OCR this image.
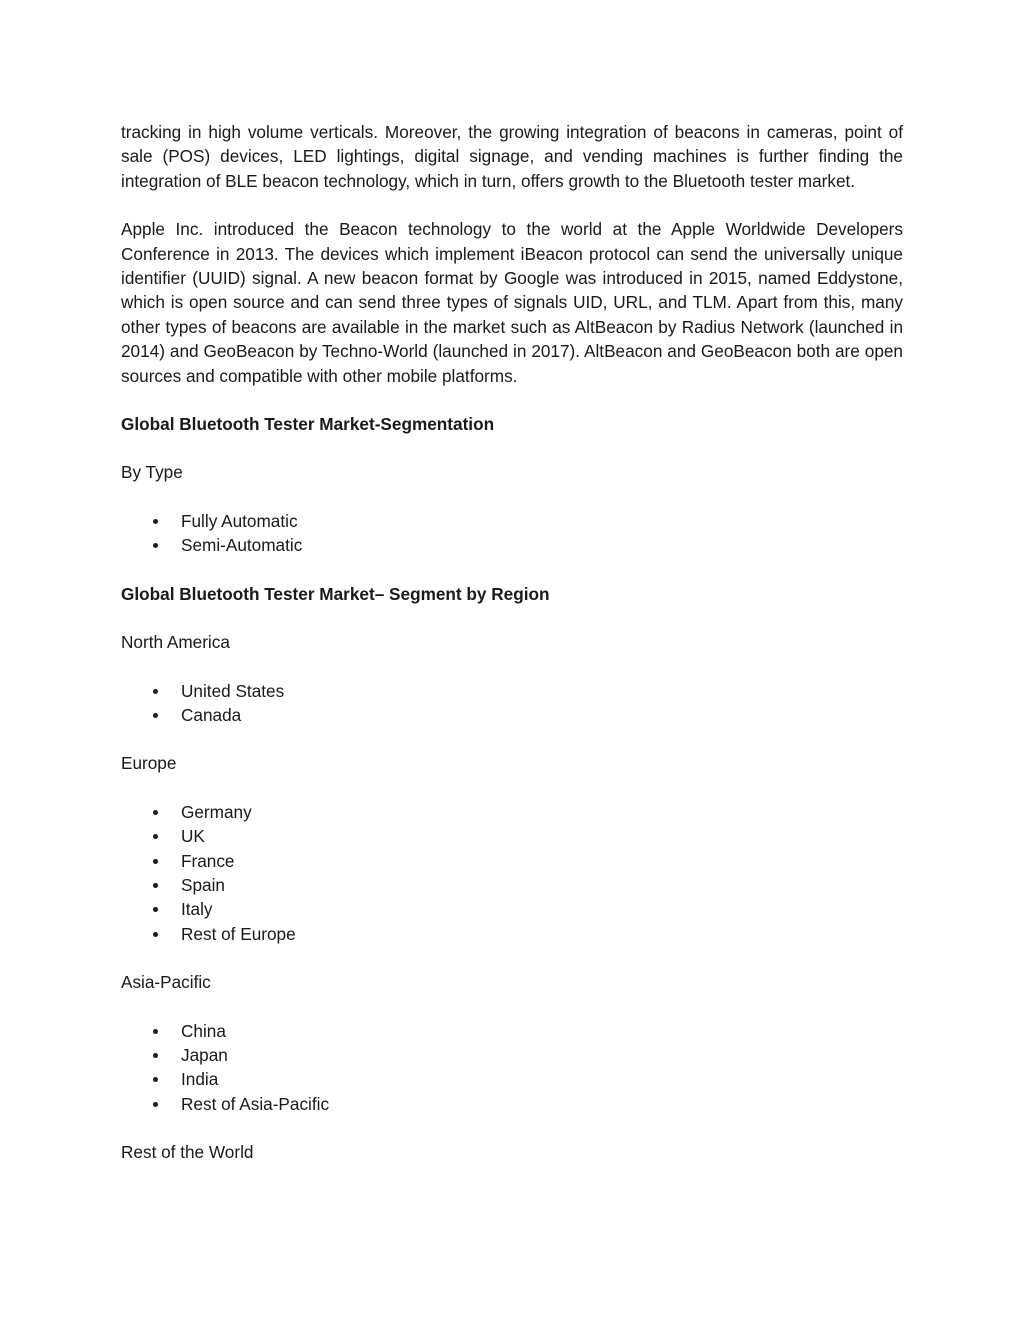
tracking in high volume verticals. Moreover, the growing integration of beacons in cameras, point of sale (POS) devices, LED lightings, digital signage, and vending machines is further finding the integration of BLE beacon technology, which in turn, offers growth to the Bluetooth tester market.

Apple Inc. introduced the Beacon technology to the world at the Apple Worldwide Developers Conference in 2013. The devices which implement iBeacon protocol can send the universally unique identifier (UUID) signal. A new beacon format by Google was introduced in 2015, named Eddystone, which is open source and can send three types of signals UID, URL, and TLM. Apart from this, many other types of beacons are available in the market such as AltBeacon by Radius Network (launched in 2014) and GeoBeacon by Techno-World (launched in 2017). AltBeacon and GeoBeacon both are open sources and compatible with other mobile platforms.

Global Bluetooth Tester Market-Segmentation

By Type

Fully Automatic
Semi-Automatic

Global Bluetooth Tester Market– Segment by Region

North America

United States
Canada

Europe

Germany
UK
France
Spain
Italy
Rest of Europe

Asia-Pacific

China
Japan
India
Rest of Asia-Pacific

Rest of the World
